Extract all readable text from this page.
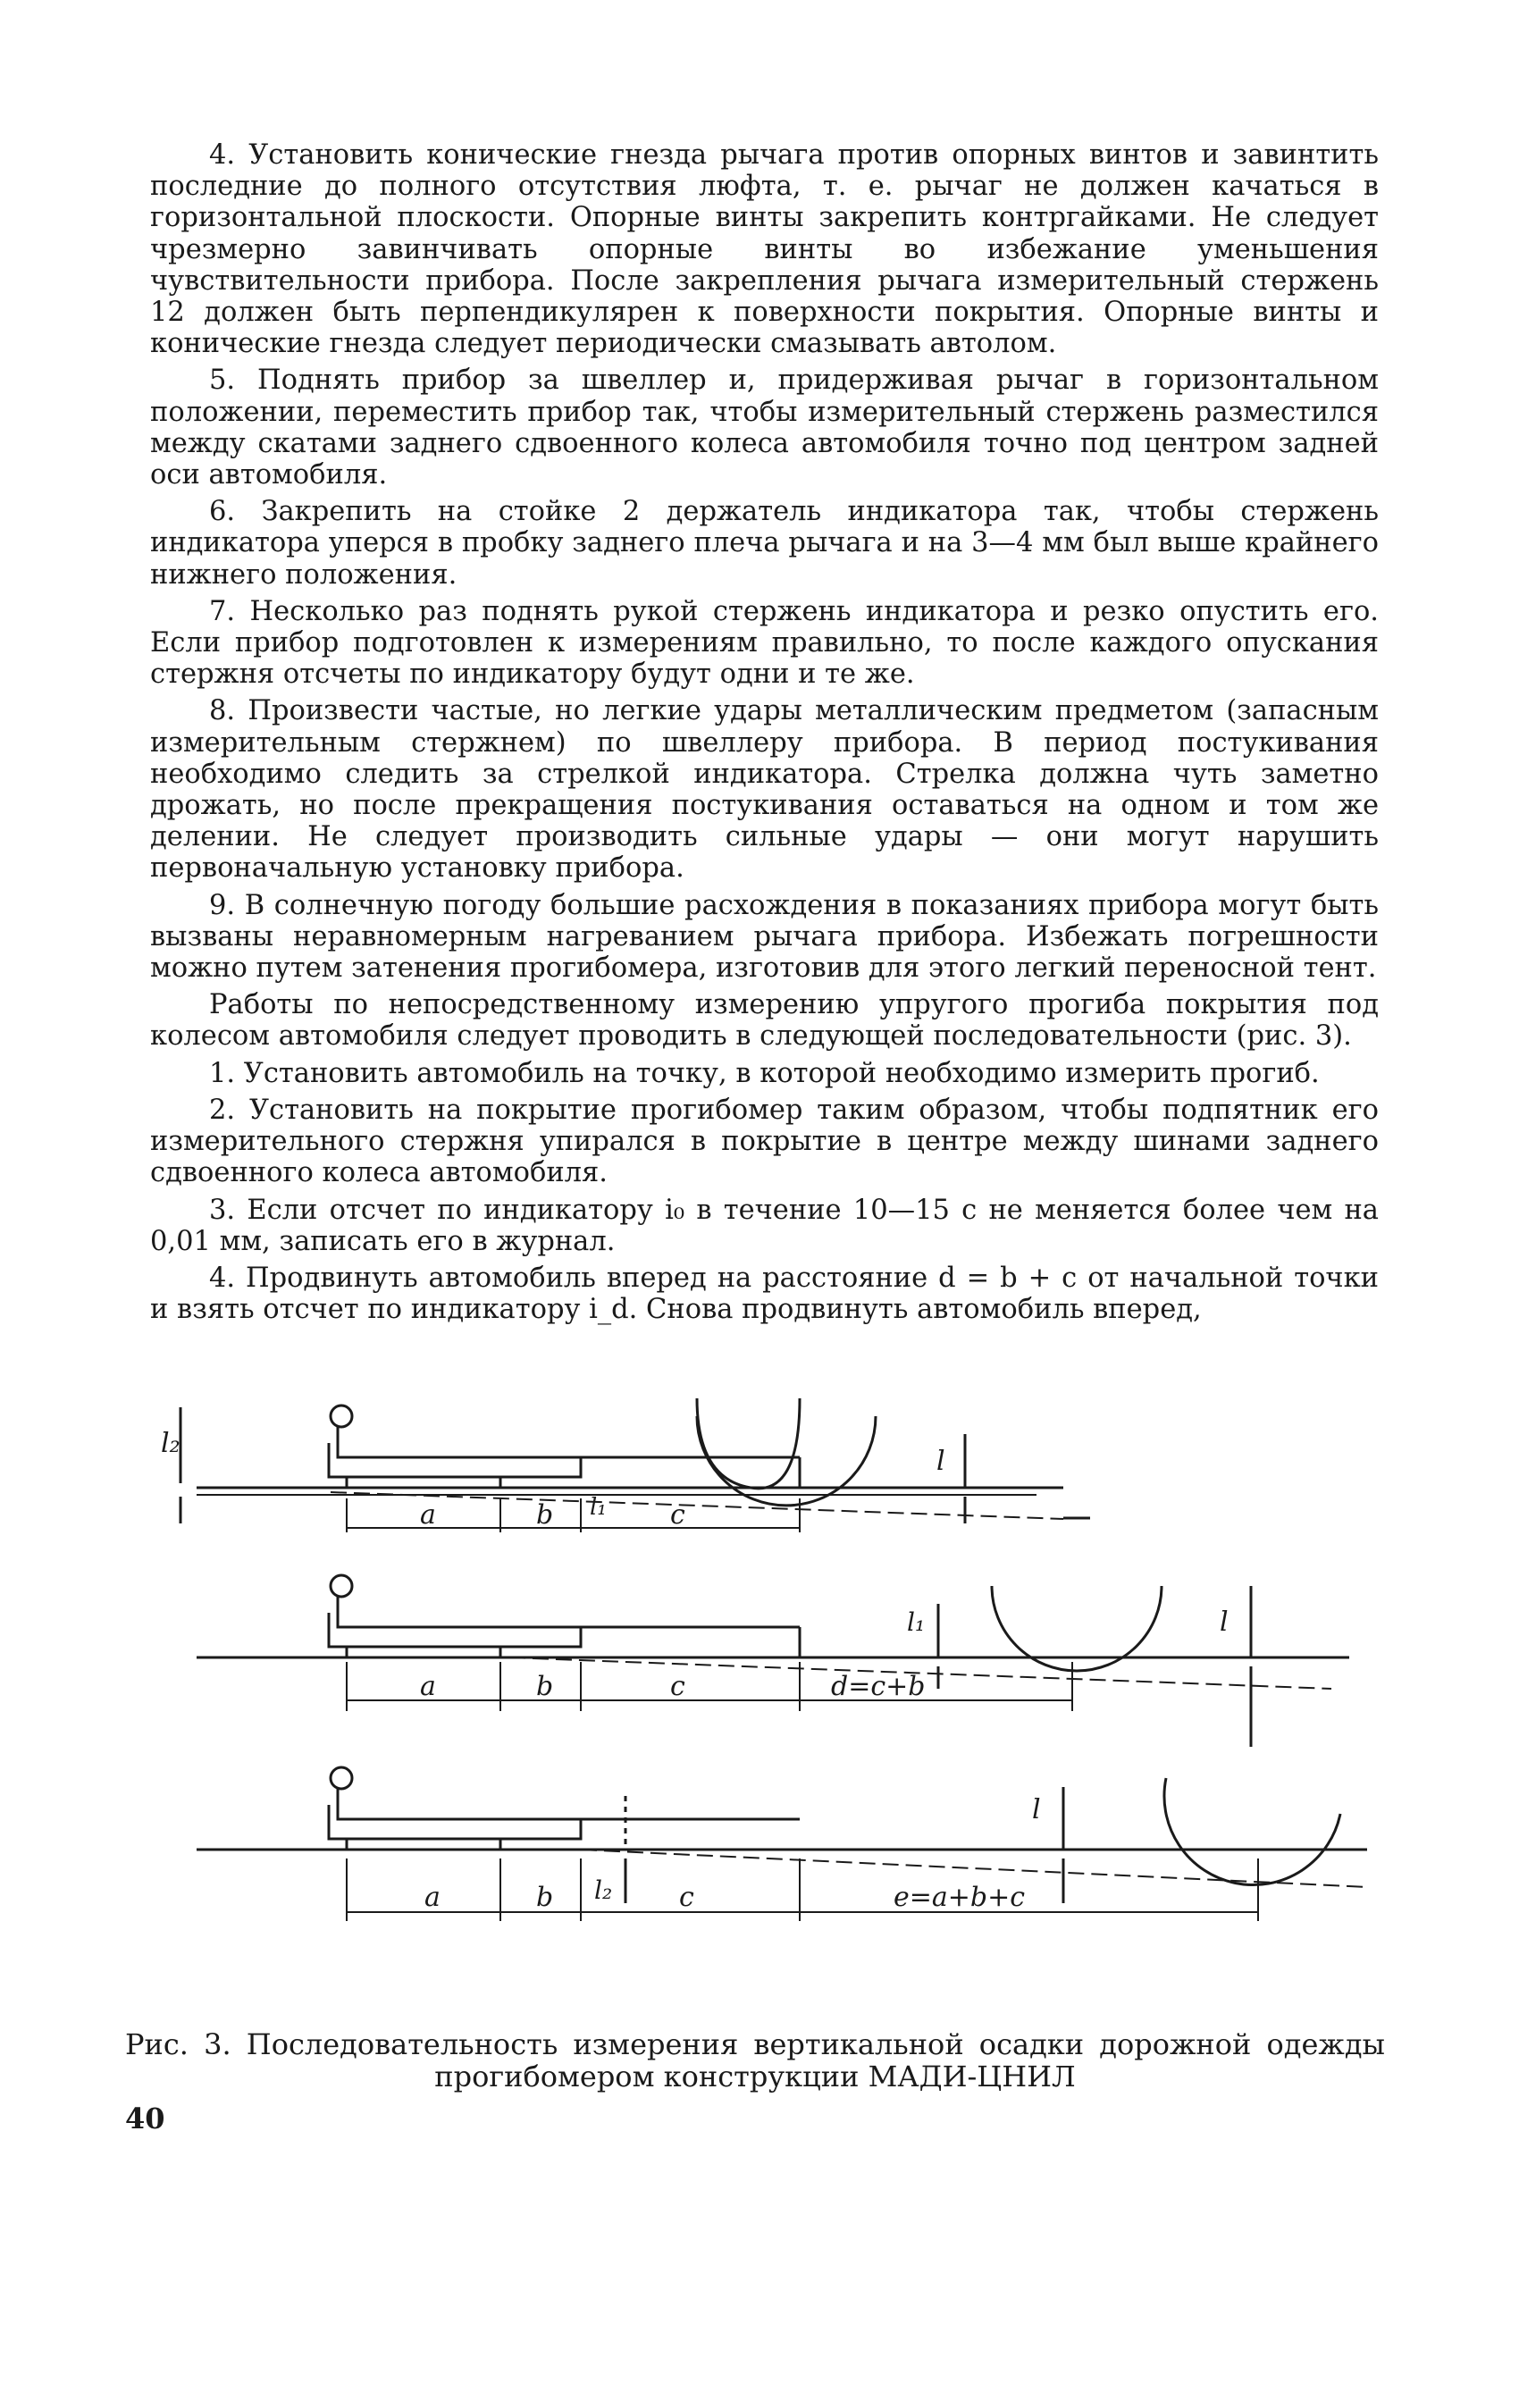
4. Установить конические гнезда рычага против опорных винтов и завинтить последние до полного отсутствия люфта, т. е. рычаг не должен качаться в горизонтальной плоскости. Опорные винты закрепить контргайками. Не следует чрезмерно завинчивать опорные винты во избежание уменьшения чувствительности прибора. После закрепления рычага измерительный стержень 12 должен быть перпендикулярен к поверхности покрытия. Опорные винты и конические гнезда следует периодически смазывать автолом.

5. Поднять прибор за швеллер и, придерживая рычаг в горизонтальном положении, переместить прибор так, чтобы измерительный стержень разместился между скатами заднего сдвоенного колеса автомобиля точно под центром задней оси автомобиля.

6. Закрепить на стойке 2 держатель индикатора так, чтобы стержень индикатора уперся в пробку заднего плеча рычага и на 3—4 мм был выше крайнего нижнего положения.

7. Несколько раз поднять рукой стержень индикатора и резко опустить его. Если прибор подготовлен к измерениям правильно, то после каждого опускания стержня отсчеты по индикатору будут одни и те же.

8. Произвести частые, но легкие удары металлическим предметом (запасным измерительным стержнем) по швеллеру прибора. В период постукивания необходимо следить за стрелкой индикатора. Стрелка должна чуть заметно дрожать, но после прекращения постукивания оставаться на одном и том же делении. Не следует производить сильные удары — они могут нарушить первоначальную установку прибора.

9. В солнечную погоду большие расхождения в показаниях прибора могут быть вызваны неравномерным нагреванием рычага прибора. Избежать погрешности можно путем затенения прогибомера, изготовив для этого легкий переносной тент.

Работы по непосредственному измерению упругого прогиба покрытия под колесом автомобиля следует проводить в следующей последовательности (рис. 3).

1. Установить автомобиль на точку, в которой необходимо измерить прогиб.

2. Установить на покрытие прогибомер таким образом, чтобы подпятник его измерительного стержня упирался в покрытие в центре между шинами заднего сдвоенного колеса автомобиля.

3. Если отсчет по индикатору i₀ в течение 10—15 с не меняется более чем на 0,01 мм, записать его в журнал.

4. Продвинуть автомобиль вперед на расстояние d = b + c от начальной точки и взять отсчет по индикатору i_d. Снова продвинуть автомобиль вперед,

a	b	c
l₂
l₁
l
a	b	c	d=c+b
l₁	l
a	b	c	e=a+b+c
l₂
l
Рис. 3. Последовательность измерения вертикальной осадки дорожной одежды
прогибомером конструкции МАДИ-ЦНИЛ
40
